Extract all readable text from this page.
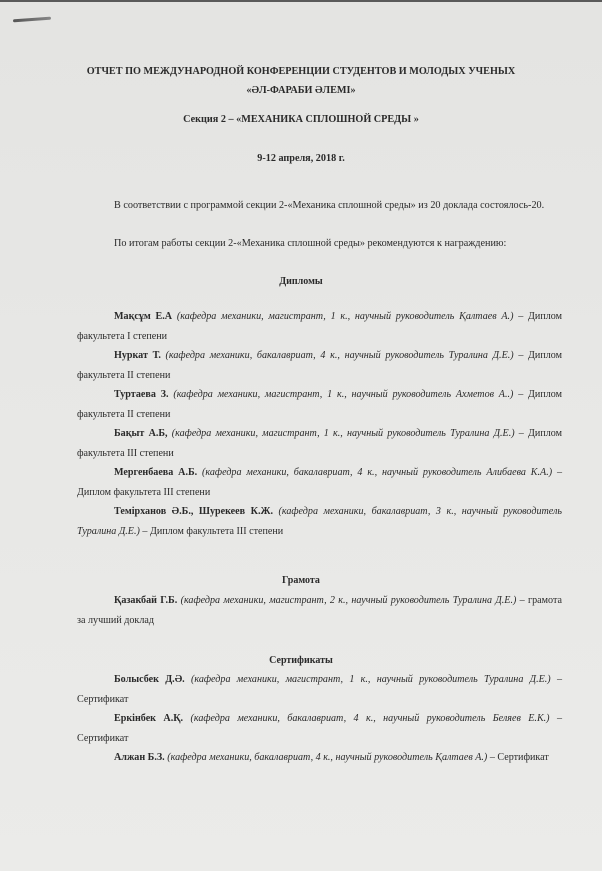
ОТЧЕТ ПО МЕЖДУНАРОДНОЙ КОНФЕРЕНЦИИ СТУДЕНТОВ И МОЛОДЫХ УЧЕНЫХ
«ӘЛ-ФАРАБИ ӘЛЕМІ»
Секция 2 – «МЕХАНИКА СПЛОШНОЙ СРЕДЫ »
9-12 апреля, 2018 г.
В соответствии с программой секции 2-«Механика сплошной среды» из 20 доклада состоялось-20.
По итогам работы секции 2-«Механика сплошной среды» рекомендуются к награждению:
Дипломы
Мақсұм Е.А (кафедра механики, магистрант, 1 к., научный руководитель Қалтаев А.) – Диплом факультета I степени
Нуркат Т. (кафедра механики, бакалавриат, 4 к., научный руководитель Туралина Д.Е.) – Диплом факультета II степени
Туртаева З. (кафедра механики, магистрант, 1 к., научный руководитель Ахметов А..) – Диплом факультета II степени
Бақыт А.Б, (кафедра механики, магистрант, 1 к., научный руководитель Туралина Д.Е.) – Диплом факультета III степени
Мергенбаева А.Б. (кафедра механики, бакалавриат, 4 к., научный руководитель Алибаева К.А.) –Диплом факультета III степени
Темірханов Ә.Б., Шурекеев К.Ж. (кафедра механики, бакалавриат, 3 к., научный руководитель Туралина Д.Е.) – Диплом факультета III степени
Грамота
Қазакбай Г.Б. (кафедра механики, магистрант, 2 к., научный руководитель Туралина Д.Е.) – грамота за лучший доклад
Сертификаты
Болысбек Д.Ә. (кафедра механики, магистрант, 1 к., научный руководитель Туралина Д.Е.) – Сертификат
Еркінбек А.Қ. (кафедра механики, бакалавриат, 4 к., научный руководитель Беляев Е.К.) – Сертификат
Алжан Б.З. (кафедра механики, бакалавриат, 4 к., научный руководитель Қалтаев А.) – Сертификат
